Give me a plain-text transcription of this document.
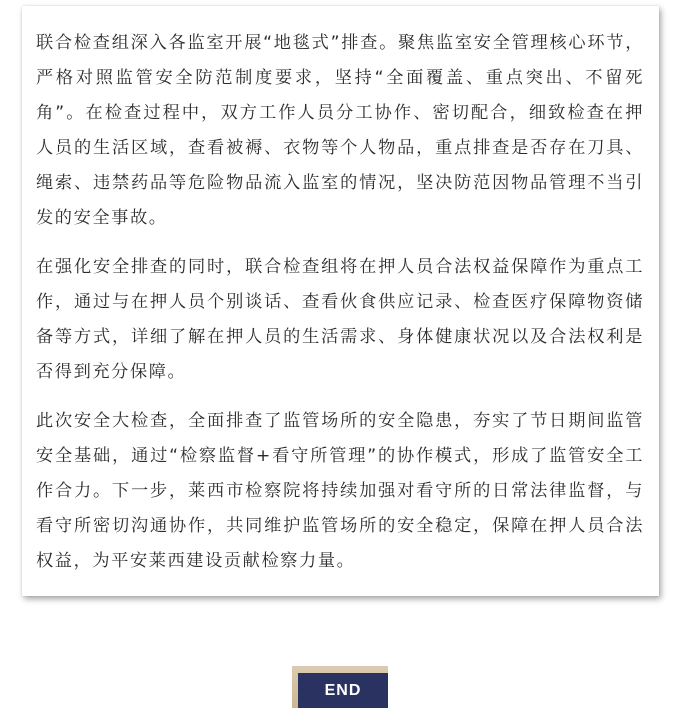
联合检查组深入各监室开展“地毯式”排查。聚焦监室安全管理核心环节，严格对照监管安全防范制度要求，坚持“全面覆盖、重点突出、不留死角”。在检查过程中，双方工作人员分工协作、密切配合，细致检查在押人员的生活区域，查看被褥、衣物等个人物品，重点排查是否存在刀具、绳索、违禁药品等危险物品流入监室的情况，坚决防范因物品管理不当引发的安全事故。

在强化安全排查的同时，联合检查组将在押人员合法权益保障作为重点工作，通过与在押人员个别谈话、查看伙食供应记录、检查医疗保障物资储备等方式，详细了解在押人员的生活需求、身体健康状况以及合法权利是否得到充分保障。

此次安全大检查，全面排查了监管场所的安全隐患，夯实了节日期间监管安全基础，通过“检察监督+看守所管理”的协作模式，形成了监管安全工作合力。下一步，莱西市检察院将持续加强对看守所的日常法律监督，与看守所密切沟通协作，共同维护监管场所的安全稳定，保障在押人员合法权益，为平安莱西建设贡献检察力量。

END
